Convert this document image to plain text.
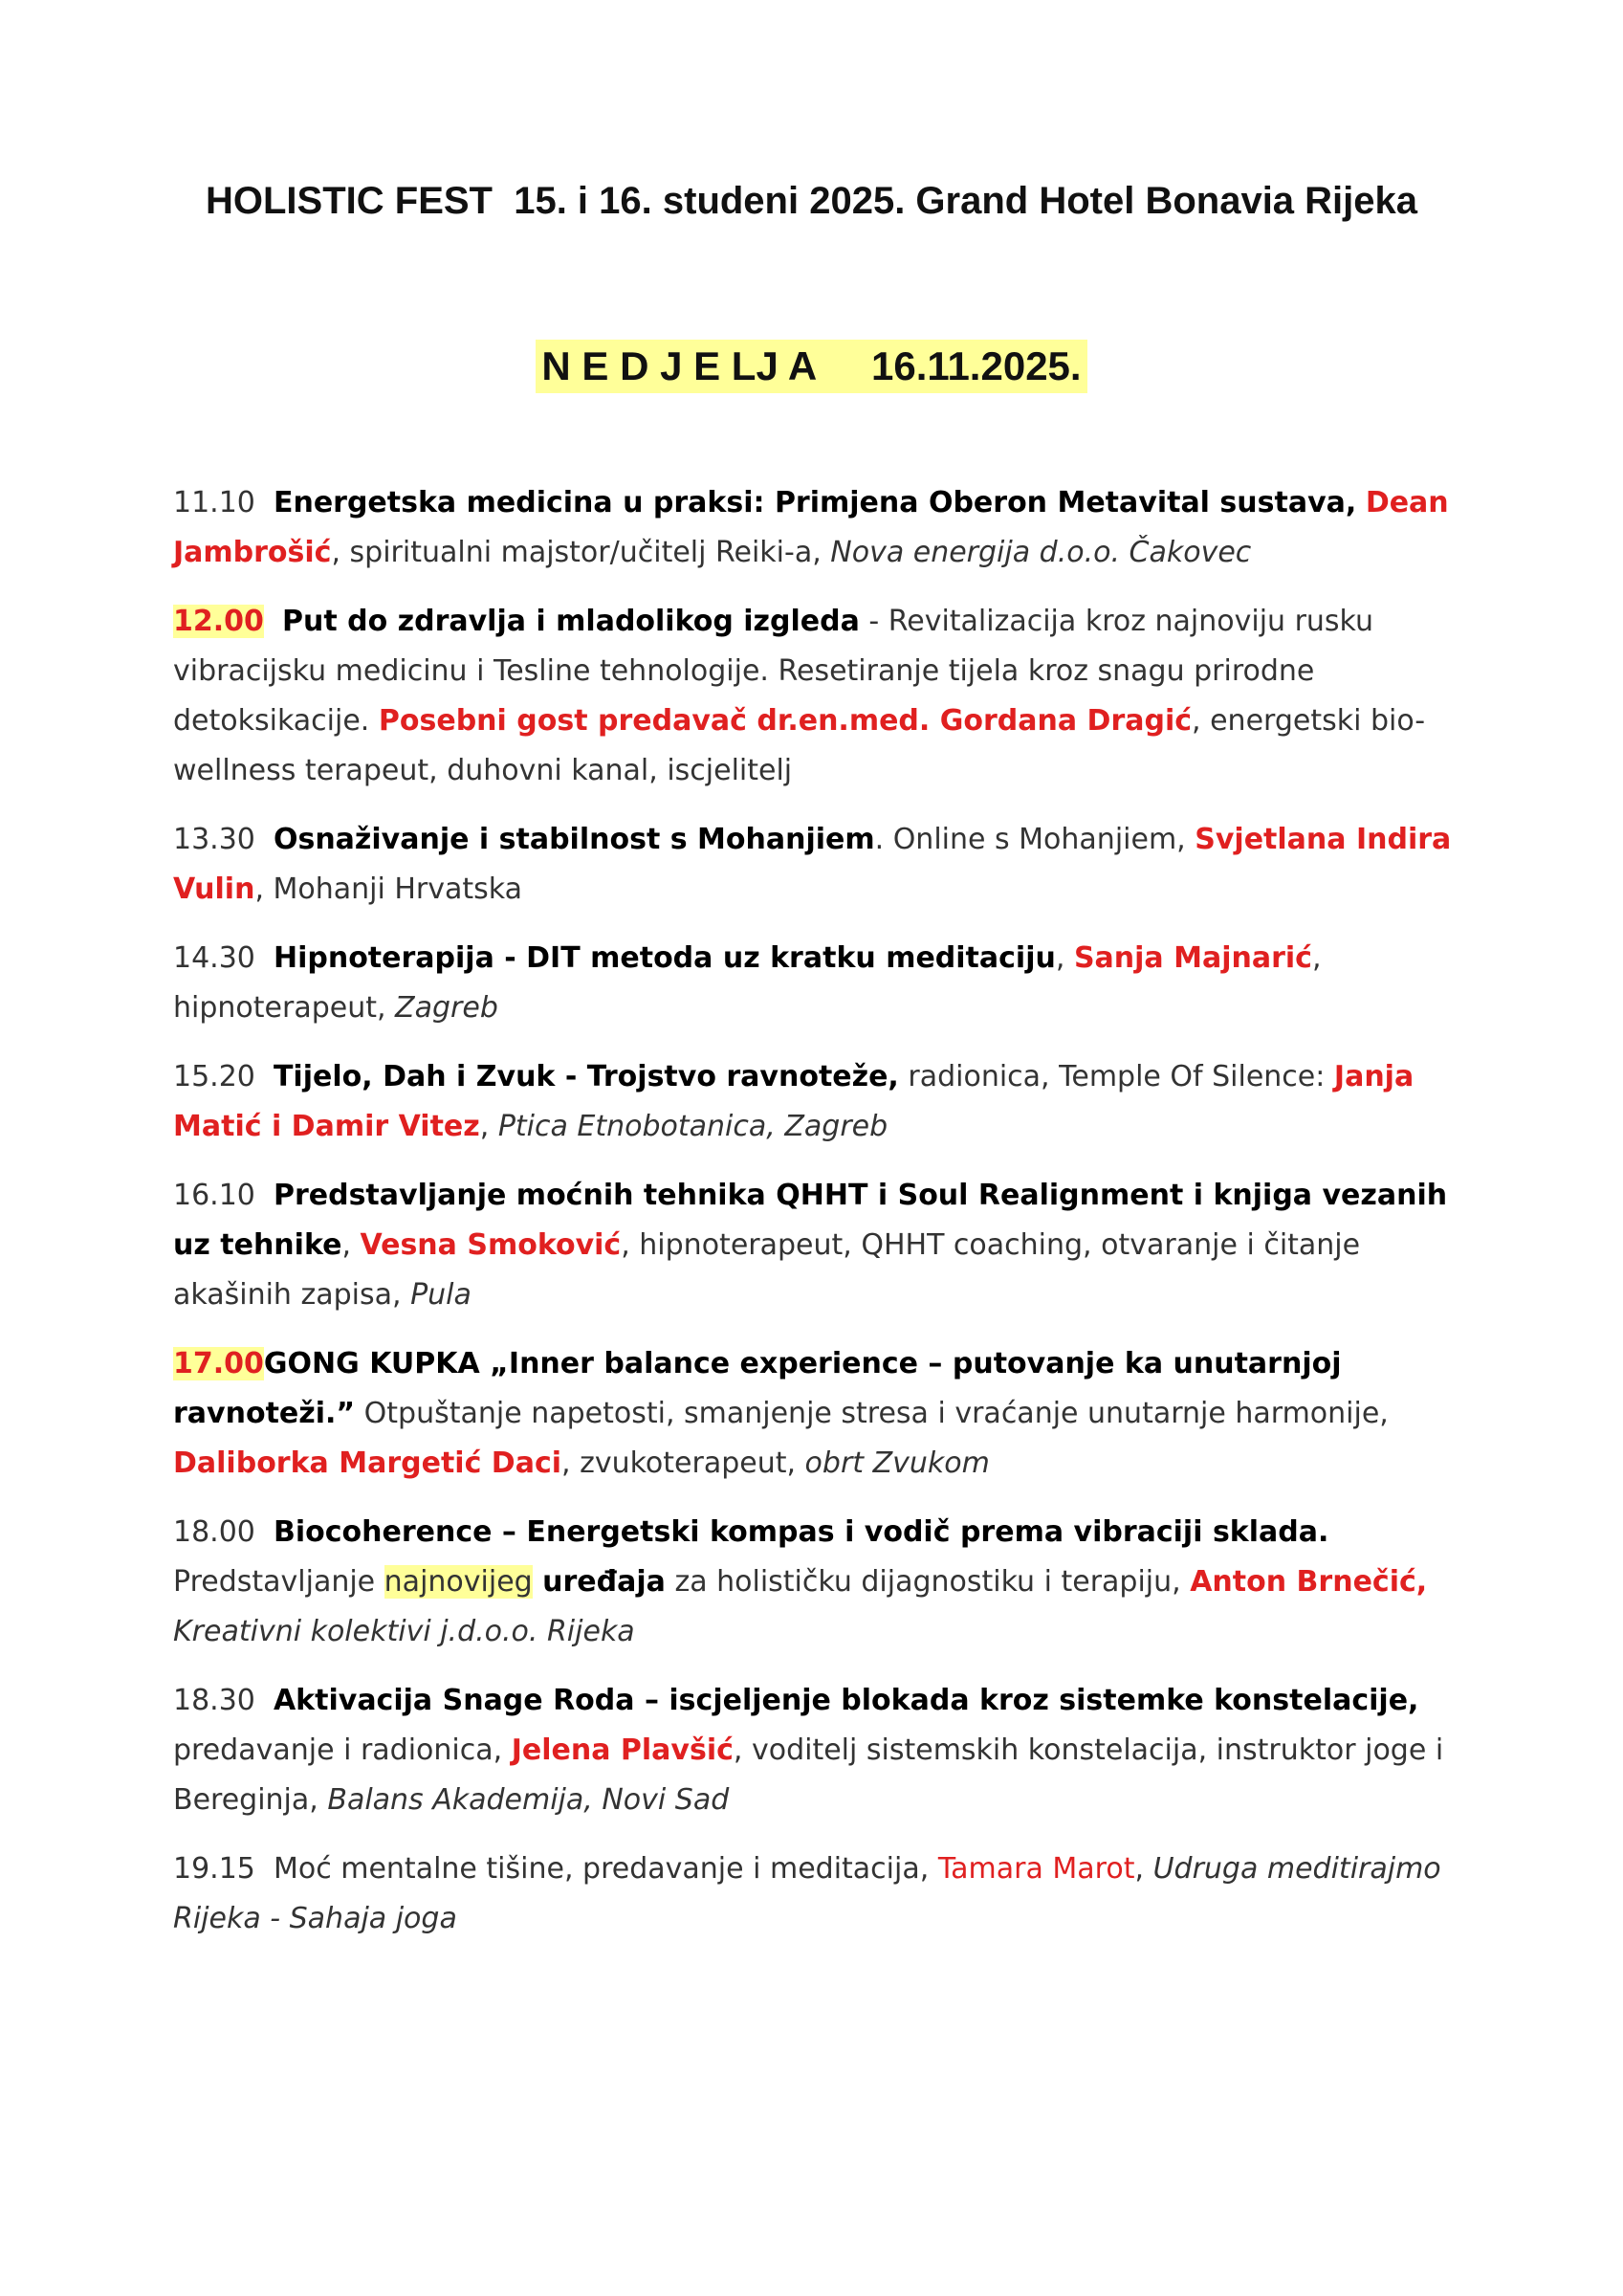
HOLISTIC FEST  15. i 16. studeni 2025. Grand Hotel Bonavia Rijeka
N E D J E LJ A     16.11.2025.
11.10 Energetska medicina u praksi: Primjena Oberon Metavital sustava, Dean Jambrošić, spiritualni majstor/učitelj Reiki-a, Nova energija d.o.o. Čakovec
12.00 Put do zdravlja i mladolikog izgleda - Revitalizacija kroz najnoviju rusku vibracijsku medicinu i Tesline tehnologije. Resetiranje tijela kroz snagu prirodne detoksikacije. Posebni gost predavač dr.en.med. Gordana Dragić, energetski bio-wellness terapeut, duhovni kanal, iscjelitelj
13.30 Osnaživanje i stabilnost s Mohanjiem. Online s Mohanjiem, Svjetlana Indira Vulin, Mohanji Hrvatska
14.30 Hipnoterapija - DIT metoda uz kratku meditaciju, Sanja Majnarić, hipnoterapeut, Zagreb
15.20 Tijelo, Dah i Zvuk - Trojstvo ravnoteže, radionica, Temple Of Silence: Janja Matić i Damir Vitez, Ptica Etnobotanica, Zagreb
16.10 Predstavljanje moćnih tehnika QHHT i Soul Realignment i knjiga vezanih uz tehnike, Vesna Smoković, hipnoterapeut, QHHT coaching, otvaranje i čitanje akašinih zapisa, Pula
17.00GONG KUPKA „Inner balance experience – putovanje ka unutarnjoj ravnoteži.” Otpuštanje napetosti, smanjenje stresa i vraćanje unutarnje harmonije, Daliborka Margetić Daci, zvukoterapeut, obrt Zvukom
18.00 Biocoherence – Energetski kompas i vodič prema vibraciji sklada. Predstavljanje najnovijeg uređaja za holističku dijagnostiku i terapiju, Anton Brnečić, Kreativni kolektivi j.d.o.o. Rijeka
18.30 Aktivacija Snage Roda – iscjeljenje blokada kroz sistemke konstelacije, predavanje i radionica, Jelena Plavšić, voditelj sistemskih konstelacija, instruktor joge i Bereginja, Balans Akademija, Novi Sad
19.15 Moć mentalne tišine, predavanje i meditacija, Tamara Marot, Udruga meditirajmo Rijeka - Sahaja joga
